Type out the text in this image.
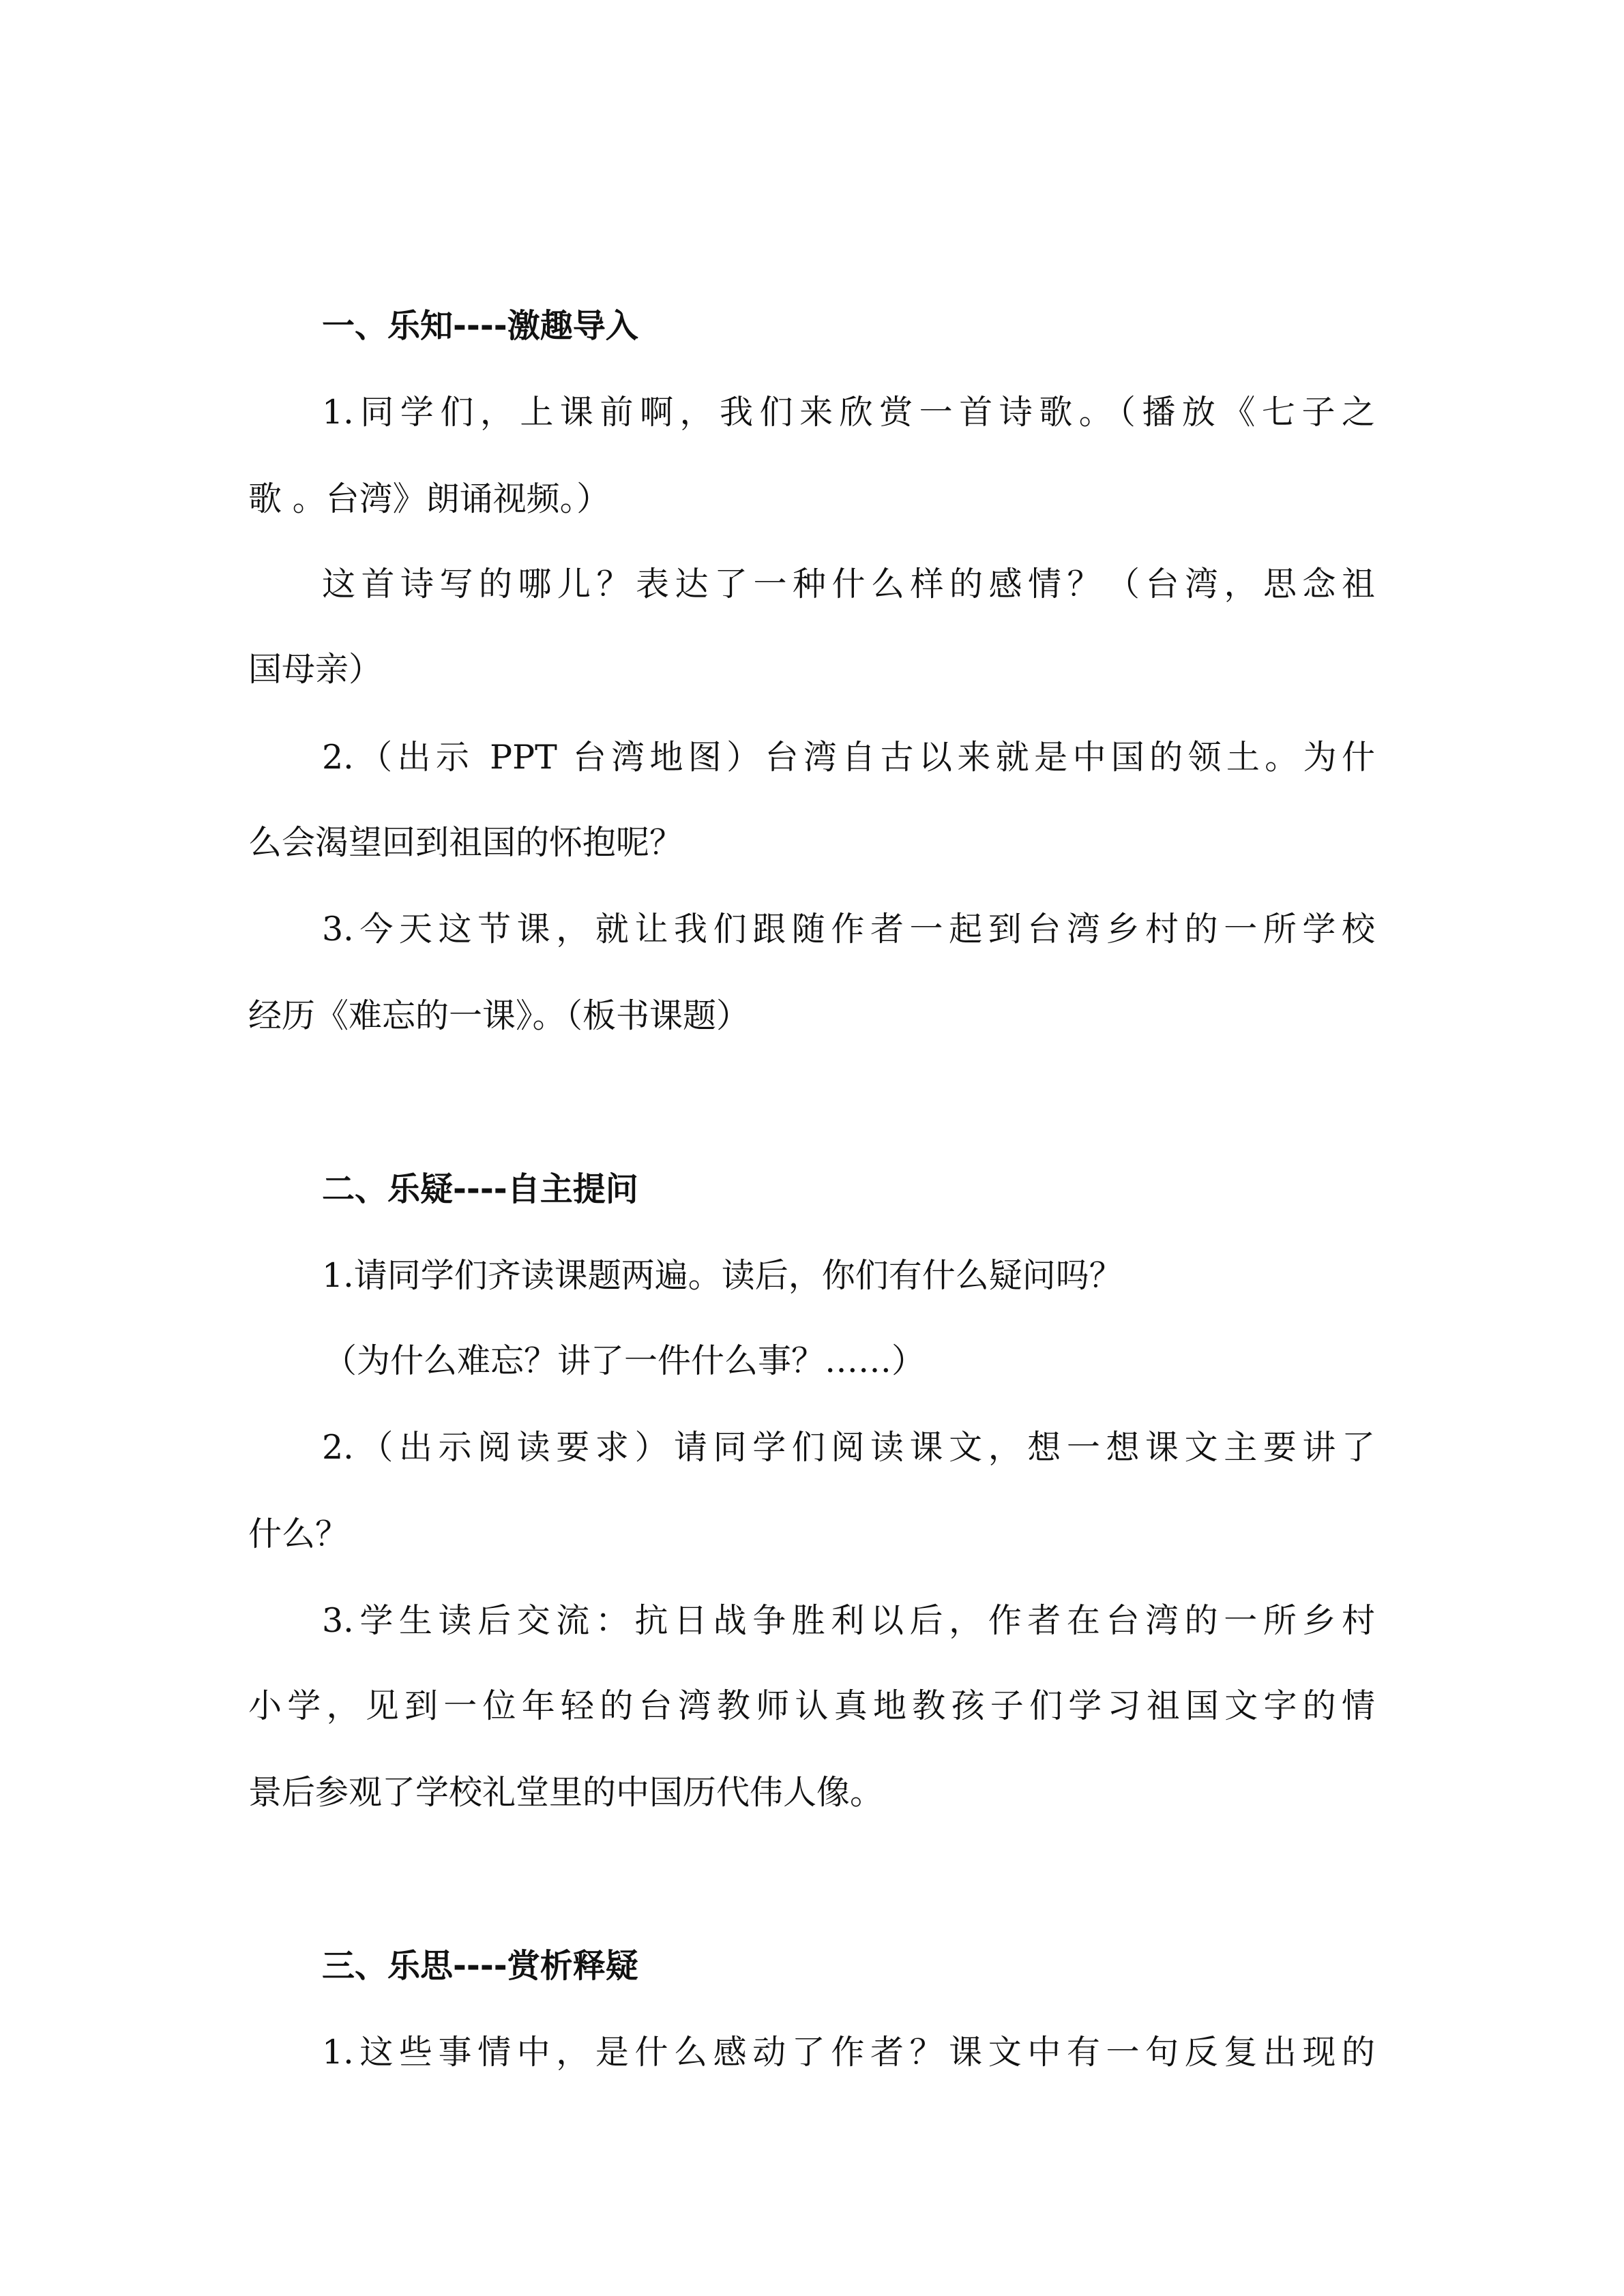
一、乐知----激趣导入
1.同学们，上课前啊，我们来欣赏一首诗歌。（播放《七子之
歌 。台湾》朗诵视频。）
这首诗写的哪儿？表达了一种什么样的感情？（台湾，思念祖
国母亲）
2.（出示 PPT 台湾地图）台湾自古以来就是中国的领土。为什
么会渴望回到祖国的怀抱呢？
3.今天这节课，就让我们跟随作者一起到台湾乡村的一所学校
经历《难忘的一课》。（板书课题）
二、乐疑----自主提问
1.请同学们齐读课题两遍。读后，你们有什么疑问吗？
（为什么难忘？讲了一件什么事？……）
2.（出示阅读要求）请同学们阅读课文，想一想课文主要讲了
什么？
3.学生读后交流：抗日战争胜利以后，作者在台湾的一所乡村
小学，见到一位年轻的台湾教师认真地教孩子们学习祖国文字的情
景后参观了学校礼堂里的中国历代伟人像。
三、乐思----赏析释疑
1.这些事情中，是什么感动了作者？课文中有一句反复出现的
